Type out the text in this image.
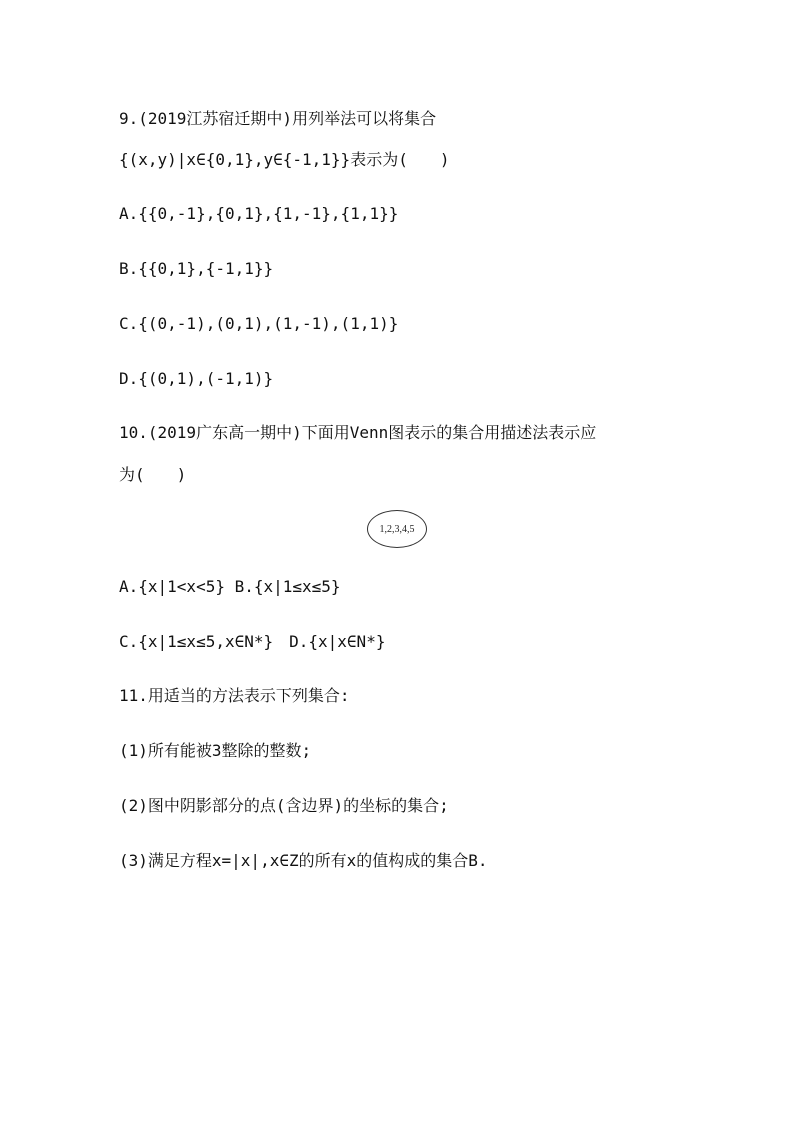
9.(2019江苏宿迁期中)用列举法可以将集合
{(x,y)|x∈{0,1},y∈{-1,1}}表示为(　　)
A.{{0,-1},{0,1},{1,-1},{1,1}}
B.{{0,1},{-1,1}}
C.{(0,-1),(0,1),(1,-1),(1,1)}
D.{(0,1),(-1,1)}
10.(2019广东高一期中)下面用Venn图表示的集合用描述法表示应
为(　　)
1,2,3,4,5
A.{x|1<x<5} B.{x|1≤x≤5}
C.{x|1≤x≤5,x∈N*}　D.{x|x∈N*}
11.用适当的方法表示下列集合:
(1)所有能被3整除的整数;
(2)图中阴影部分的点(含边界)的坐标的集合;
(3)满足方程x=|x|,x∈Z的所有x的值构成的集合B.
